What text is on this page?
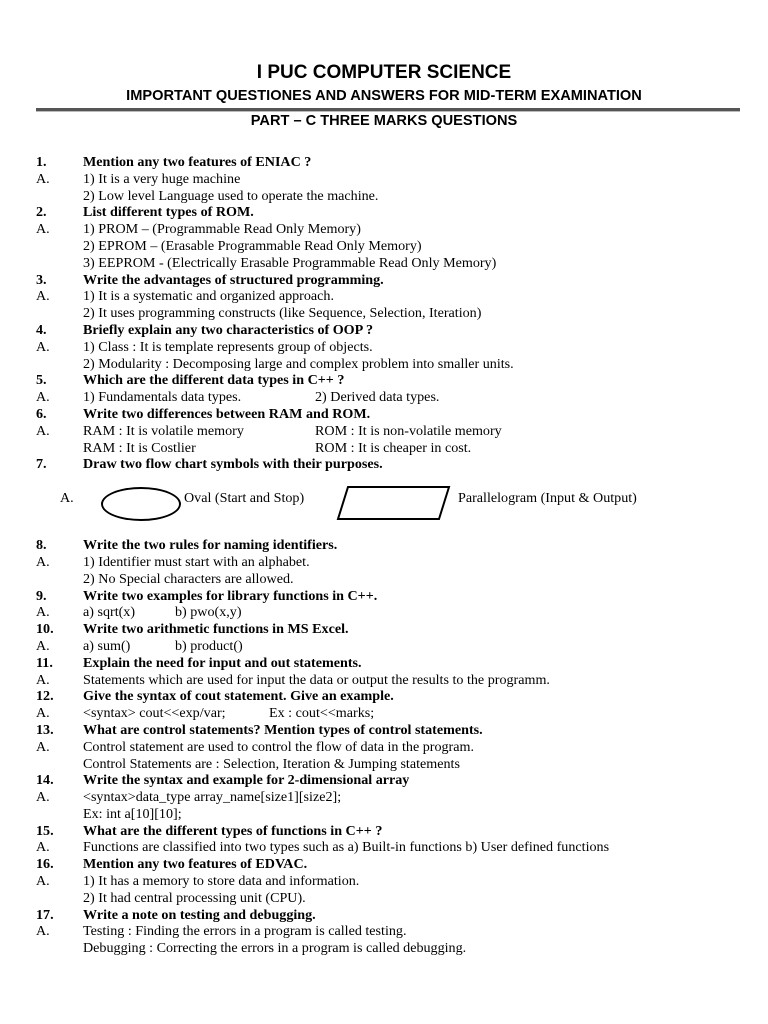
I PUC COMPUTER SCIENCE
IMPORTANT QUESTIONES AND ANSWERS FOR MID-TERM EXAMINATION
PART – C THREE MARKS QUESTIONS
1.	Mention any two features of ENIAC ?
A. 1) It is a very huge machine
2) Low level Language used to operate the machine.
2.	List different types of ROM.
A. 1) PROM – (Programmable Read Only Memory)
2) EPROM – (Erasable Programmable Read Only Memory)
3) EEPROM - (Electrically Erasable Programmable Read Only Memory)
3.	Write the advantages of structured programming.
A. 1) It is a systematic and organized approach.
2) It uses programming constructs (like Sequence, Selection, Iteration)
4.	Briefly explain any two characteristics of OOP ?
A. 1) Class : It is template represents group of objects.
2) Modularity : Decomposing large and complex problem into smaller units.
5.	Which are the different data types in C++ ?
A. 1) Fundamentals data types.	2) Derived data types.
6.	Write two differences between RAM and ROM.
A. RAM : It is volatile memory	ROM : It is non-volatile memory
RAM : It is Costlier	ROM : It is cheaper in cost.
7.	Draw two flow chart symbols with their purposes.
A.	Oval (Start and Stop)	Parallelogram (Input & Output)
8.	Write the two rules for naming identifiers.
A. 1) Identifier must start with an alphabet.
2) No Special characters are allowed.
9.	Write two examples for library functions in C++.
A. a) sqrt(x)	b) pwo(x,y)
10. Write two arithmetic functions in MS Excel.
A. a) sum()	b) product()
11. Explain the need for input and out statements.
A. Statements which are used for input the data or output the results to the programm.
12. Give the syntax of cout statement. Give an example.
A. <syntax> cout<<exp/var;	Ex : cout<<marks;
13. What are control statements? Mention types of control statements.
A. Control statement are used to control the flow of data in the program.
Control Statements are : Selection, Iteration & Jumping statements
14. Write the syntax and example for 2-dimensional array
A. <syntax>data_type array_name[size1][size2];
Ex: int a[10][10];
15. What are the different types of functions in C++ ?
A. Functions are classified into two types such as a) Built-in functions b) User defined functions
16. Mention any two features of EDVAC.
A. 1) It has a memory to store data and information.
2) It had central processing unit (CPU).
17. Write a note on testing and debugging.
A. Testing : Finding the errors in a program is called testing.
Debugging : Correcting the errors in a program is called debugging.
